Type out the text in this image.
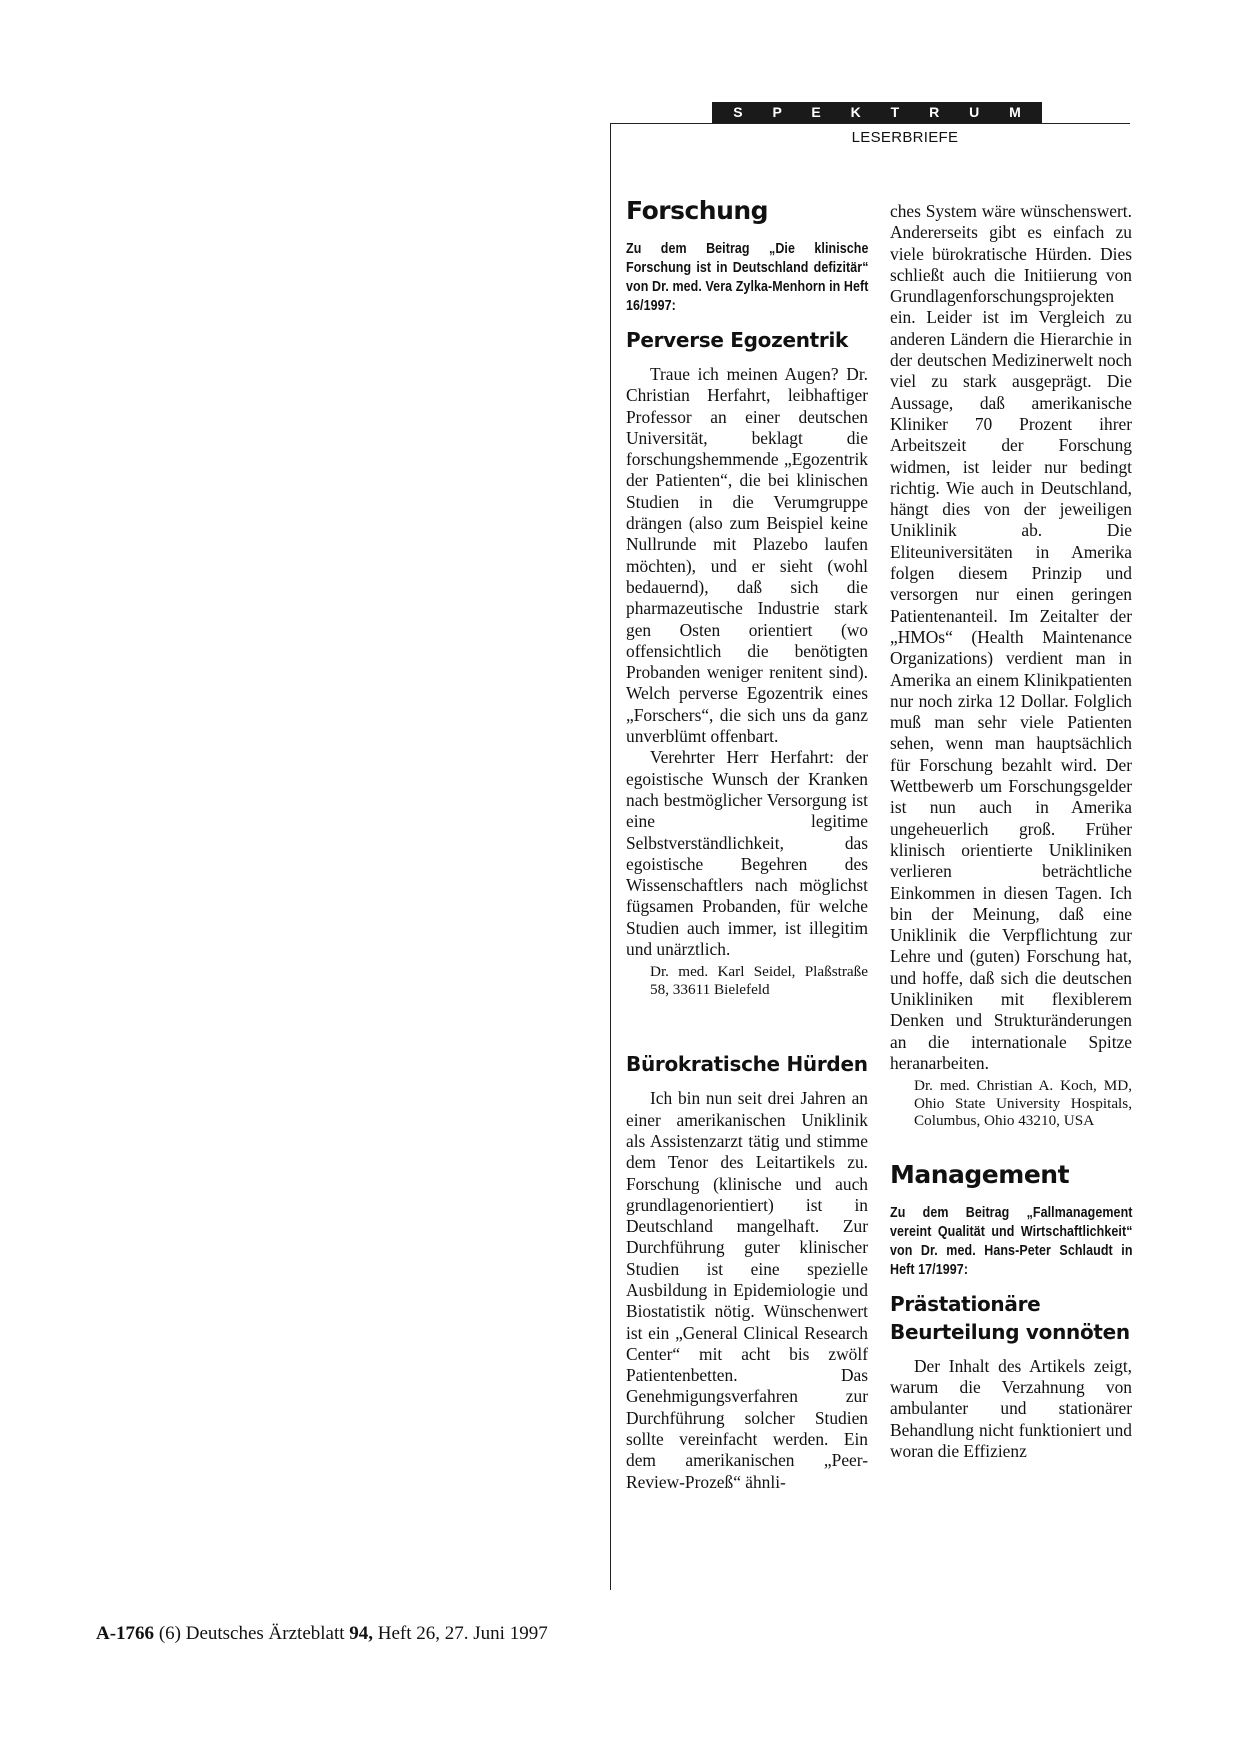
S P E K T R U M
LESERBRIEFE
Forschung

Zu dem Beitrag „Die klinische Forschung ist in Deutschland defizitär“ von Dr. med. Vera Zylka-Menhorn in Heft 16/1997:

Perverse Egozentrik

Traue ich meinen Augen? Dr. Christian Herfahrt, leibhaftiger Professor an einer deutschen Universität, beklagt die forschungshemmende „Egozentrik der Patienten“, die bei klinischen Studien in die Verumgruppe drängen (also zum Beispiel keine Nullrunde mit Plazebo laufen möchten), und er sieht (wohl bedauernd), daß sich die pharmazeutische Industrie stark gen Osten orientiert (wo offensichtlich die benötigten Probanden weniger renitent sind). Welch perverse Egozentrik eines „Forschers“, die sich uns da ganz unverblümt offenbart.

Verehrter Herr Herfahrt: der egoistische Wunsch der Kranken nach bestmöglicher Versorgung ist eine legitime Selbstverständlichkeit, das egoistische Begehren des Wissenschaftlers nach möglichst fügsamen Probanden, für welche Studien auch immer, ist illegitim und unärztlich.

Dr. med. Karl Seidel, Plaßstraße 58, 33611 Bielefeld

Bürokratische Hürden

Ich bin nun seit drei Jahren an einer amerikanischen Uniklinik als Assistenzarzt tätig und stimme dem Tenor des Leitartikels zu. Forschung (klinische und auch grundlagenorientiert) ist in Deutschland mangelhaft. Zur Durchführung guter klinischer Studien ist eine spezielle Ausbildung in Epidemiologie und Biostatistik nötig. Wünschenwert ist ein „General Clinical Research Center“ mit acht bis zwölf Patientenbetten. Das Genehmigungsverfahren zur Durchführung solcher Studien sollte vereinfacht werden. Ein dem amerikanischen „Peer-Review-Prozeß“ ähnli-

ches System wäre wünschenswert. Andererseits gibt es einfach zu viele bürokratische Hürden. Dies schließt auch die Initiierung von Grundlagenforschungsprojekten ein. Leider ist im Vergleich zu anderen Ländern die Hierarchie in der deutschen Medizinerwelt noch viel zu stark ausgeprägt. Die Aussage, daß amerikanische Kliniker 70 Prozent ihrer Arbeitszeit der Forschung widmen, ist leider nur bedingt richtig. Wie auch in Deutschland, hängt dies von der jeweiligen Uniklinik ab. Die Eliteuniversitäten in Amerika folgen diesem Prinzip und versorgen nur einen geringen Patientenanteil. Im Zeitalter der „HMOs“ (Health Maintenance Organizations) verdient man in Amerika an einem Klinikpatienten nur noch zirka 12 Dollar. Folglich muß man sehr viele Patienten sehen, wenn man hauptsächlich für Forschung bezahlt wird. Der Wettbewerb um Forschungsgelder ist nun auch in Amerika ungeheuerlich groß. Früher klinisch orientierte Unikliniken verlieren beträchtliche Einkommen in diesen Tagen. Ich bin der Meinung, daß eine Uniklinik die Verpflichtung zur Lehre und (guten) Forschung hat, und hoffe, daß sich die deutschen Unikliniken mit flexiblerem Denken und Strukturänderungen an die internationale Spitze heranarbeiten.

Dr. med. Christian A. Koch, MD, Ohio State University Hospitals, Columbus, Ohio 43210, USA

Management

Zu dem Beitrag „Fallmanagement vereint Qualität und Wirtschaftlichkeit“ von Dr. med. Hans-Peter Schlaudt in Heft 17/1997:

Prästationäre Beurteilung vonnöten

Der Inhalt des Artikels zeigt, warum die Verzahnung von ambulanter und stationärer Behandlung nicht funktioniert und woran die Effizienz

A-1766 (6) Deutsches Ärzteblatt 94, Heft 26, 27. Juni 1997
